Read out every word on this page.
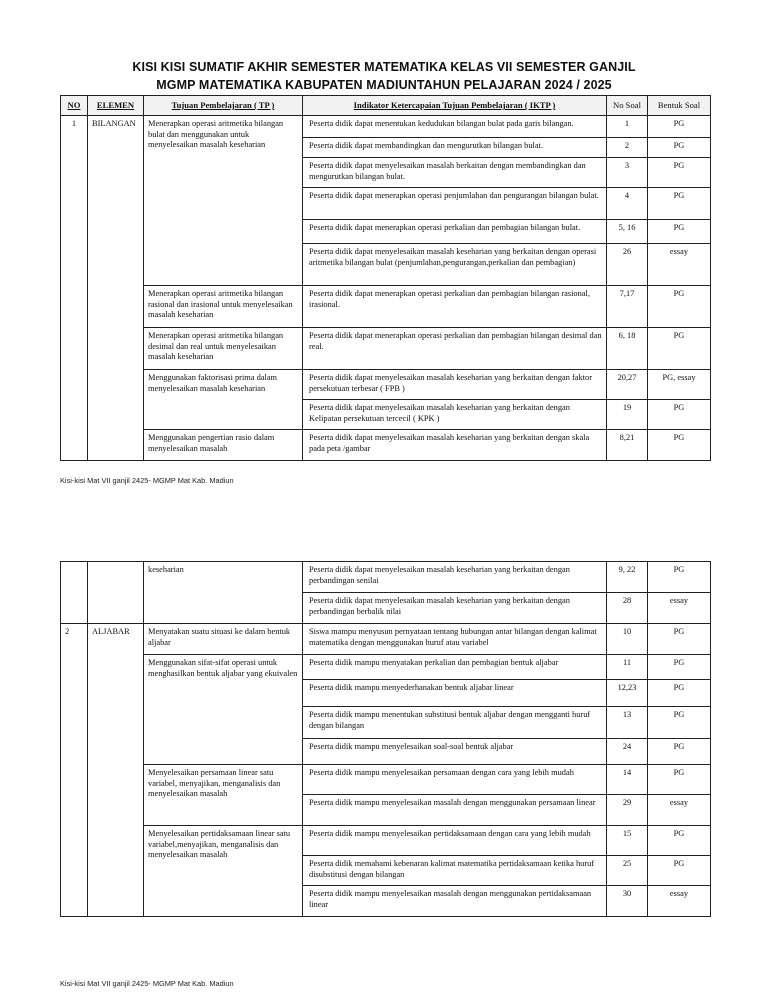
KISI KISI SUMATIF AKHIR SEMESTER MATEMATIKA KELAS VII SEMESTER GANJIL
MGMP MATEMATIKA KABUPATEN MADIUNTAHUN PELAJARAN 2024 / 2025
NO	ELEMEN	Tujuan Pembelajaran ( TP )	Indikator Ketercapaian Tujuan Pembelajaran ( IKTP )	No Soal	Bentuk Soal
1	BILANGAN	Menerapkan operasi aritmetika bilangan bulat dan menggunakan untuk menyelesaikan masalah keseharian	Peserta didik dapat menentukan kedudukan bilangan bulat pada garis bilangan.	1	PG
			Peserta didik dapat membandingkan dan mengurutkan bilangan bulat.	2	PG
			Peserta didik dapat menyelesaikan masalah berkaitan dengan membandingkan dan mengurutkan bilangan bulat.	3	PG
			Peserta didik dapat menerapkan operasi penjumlahan dan pengurangan bilangan bulat.	4	PG
			Peserta didik dapat menerapkan operasi perkalian dan pembagian bilangan bulat.	5, 16	PG
			Peserta didik dapat menyelesaikan masalah keseharian yang berkaitan dengan operasi aritmetika bilangan bulat (penjumlahan,pengurangan,perkalian dan pembagian)	26	essay
		Menerapkan operasi aritmetika bilangan rasional dan irasional untuk menyelesaikan masalah keseharian	Peserta didik dapat menerapkan operasi perkalian dan pembagian bilangan rasional, irasional.	7,17	PG
		Menerapkan operasi aritmetika bilangan desimal dan real untuk menyelesaikan masalah keseharian	Peserta didik dapat menerapkan operasi perkalian dan pembagian bilangan desimal dan real.	6, 18	PG
		Menggunakan faktorisasi prima dalam menyelesaikan masalah keseharian	Peserta didik dapat menyelesaikan masalah keseharian yang berkaitan dengan faktor persekutuan terbesar ( FPB )	20,27	PG, essay
			Peserta didik dapat menyelesaikan masalah keseharian yang berkaitan dengan Kelipatan persekutuan tercecil ( KPK )	19	PG
		Menggunakan pengertian rasio dalam menyelesaikan masalah	Peserta didik dapat menyelesaikan masalah keseharian yang berkaitan dengan skala pada peta /gambar	8,21	PG
Kisi-kisi Mat VII ganjil 2425- MGMP Mat Kab. Madiun
		keseharian	Peserta didik dapat menyelesaikan masalah keseharian yang berkaitan dengan perbandingan senilai	9, 22	PG
			Peserta didik dapat menyelesaikan masalah keseharian yang berkaitan dengan perbandingan berbalik nilai	28	essay
2	ALJABAR	Menyatakan suatu situasi ke dalam bentuk aljabar	Siswa mampu menyusun pernyataan tentang hubungan antar bilangan dengan kalimat matematika dengan menggunakan huruf atau variabel	10	PG
		Menggunakan sifat-sifat operasi untuk menghasilkan bentuk aljabar yang ekuivalen	Peserta didik mampu menyatakan perkalian dan pembagian bentuk aljabar	11	PG
			Peserta didik mampu menyederhanakan bentuk aljabar linear	12,23	PG
			Peserta didik mampu menentukan substitusi bentuk aljabar dengan mengganti huruf dengan bilangan	13	PG
			Peserta didik mampu menyelesaikan soal-soal bentuk aljabar	24	PG
		Menyelesaikan persamaan linear satu variabel, menyajikan, menganalisis dan menyelesaikan masalah	Peserta didik mampu menyelesaikan persamaan dengan cara yang lebih mudah	14	PG
			Peserta didik mampu menyelesaikan masalah dengan menggunakan persamaan linear	29	essay
		Menyelesaikan pertidaksamaan linear satu variabel,menyajikan, menganalisis dan menyelesaikan masalah	Peserta didik mampu menyelesaikan pertidaksamaan dengan cara yang lebih mudah	15	PG
			Peserta didik memahami kebenaran kalimat matematika pertidaksamaan ketika huruf disubstitusi dengan bilangan	25	PG
			Peserta didik mampu menyelesaikan masalah dengan menggunakan pertidaksamaan linear	30	essay
Kisi-kisi Mat VII ganjil 2425- MGMP Mat Kab. Madiun
